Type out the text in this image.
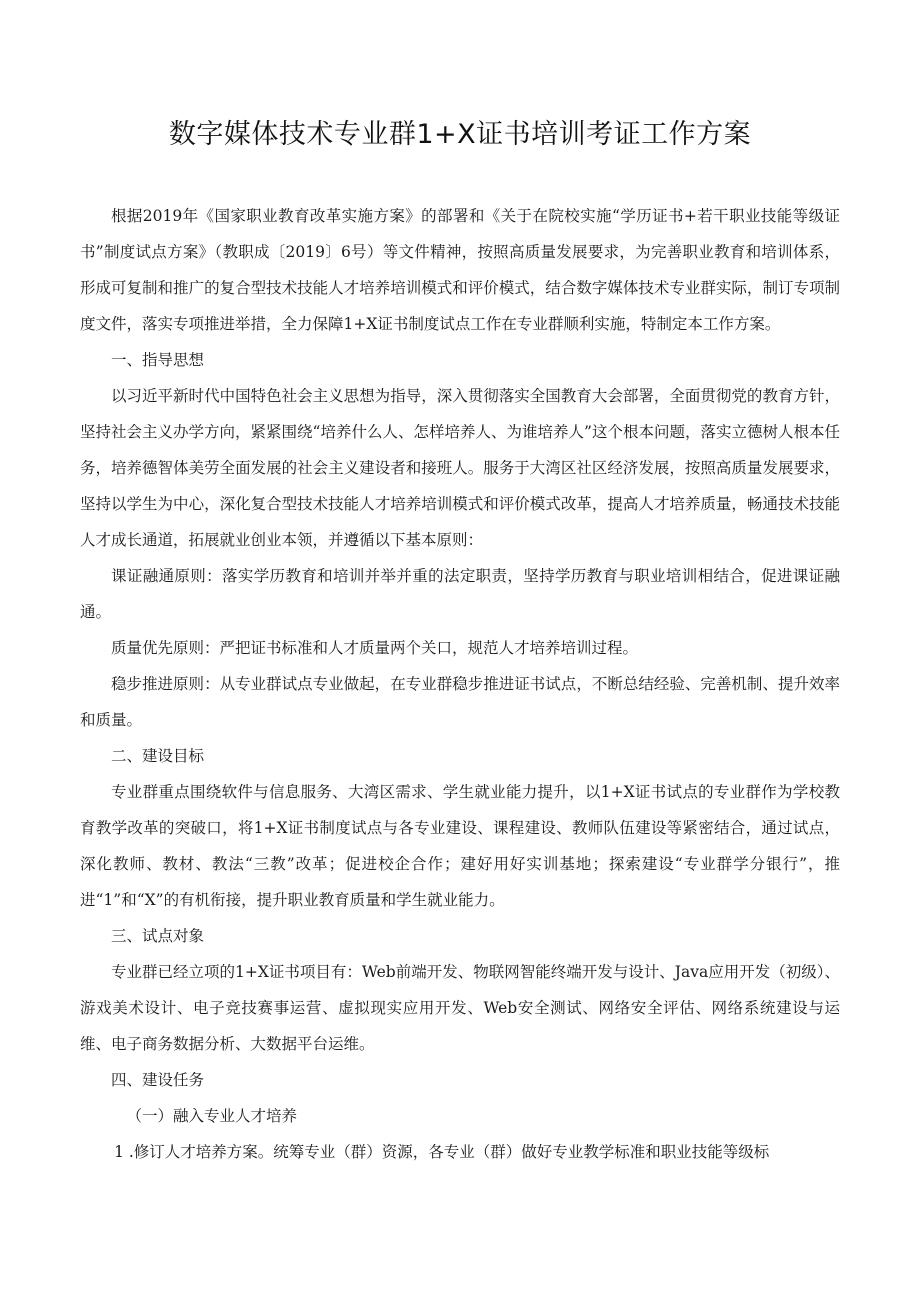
数字媒体技术专业群1+X证书培训考证工作方案

根据2019年《国家职业教育改革实施方案》的部署和《关于在院校实施“学历证书+若干职业技能等级证书”制度试点方案》（教职成〔2019〕6号）等文件精神，按照高质量发展要求，为完善职业教育和培训体系，形成可复制和推广的复合型技术技能人才培养培训模式和评价模式，结合数字媒体技术专业群实际，制订专项制度文件，落实专项推进举措，全力保障1+X证书制度试点工作在专业群顺利实施，特制定本工作方案。

一、指导思想

以习近平新时代中国特色社会主义思想为指导，深入贯彻落实全国教育大会部署，全面贯彻党的教育方针，坚持社会主义办学方向，紧紧围绕“培养什么人、怎样培养人、为谁培养人”这个根本问题，落实立德树人根本任务，培养德智体美劳全面发展的社会主义建设者和接班人。服务于大湾区社区经济发展，按照高质量发展要求，坚持以学生为中心，深化复合型技术技能人才培养培训模式和评价模式改革，提高人才培养质量，畅通技术技能人才成长通道，拓展就业创业本领，并遵循以下基本原则：

课证融通原则：落实学历教育和培训并举并重的法定职责，坚持学历教育与职业培训相结合，促进课证融通。

质量优先原则：严把证书标准和人才质量两个关口，规范人才培养培训过程。

稳步推进原则：从专业群试点专业做起，在专业群稳步推进证书试点，不断总结经验、完善机制、提升效率和质量。

二、建设目标

专业群重点围绕软件与信息服务、大湾区需求、学生就业能力提升，以1+X证书试点的专业群作为学校教育教学改革的突破口，将1+X证书制度试点与各专业建设、课程建设、教师队伍建设等紧密结合，通过试点，深化教师、教材、教法“三教”改革；促进校企合作；建好用好实训基地；探索建设“专业群学分银行”，推进“1”和“X”的有机衔接，提升职业教育质量和学生就业能力。

三、试点对象

专业群已经立项的1+X证书项目有：Web前端开发、物联网智能终端开发与设计、Java应用开发（初级）、游戏美术设计、电子竞技赛事运营、虚拟现实应用开发、Web安全测试、网络安全评估、网络系统建设与运维、电子商务数据分析、大数据平台运维。

四、建设任务

（一）融入专业人才培养

1 .修订人才培养方案。统筹专业（群）资源，各专业（群）做好专业教学标准和职业技能等级标
